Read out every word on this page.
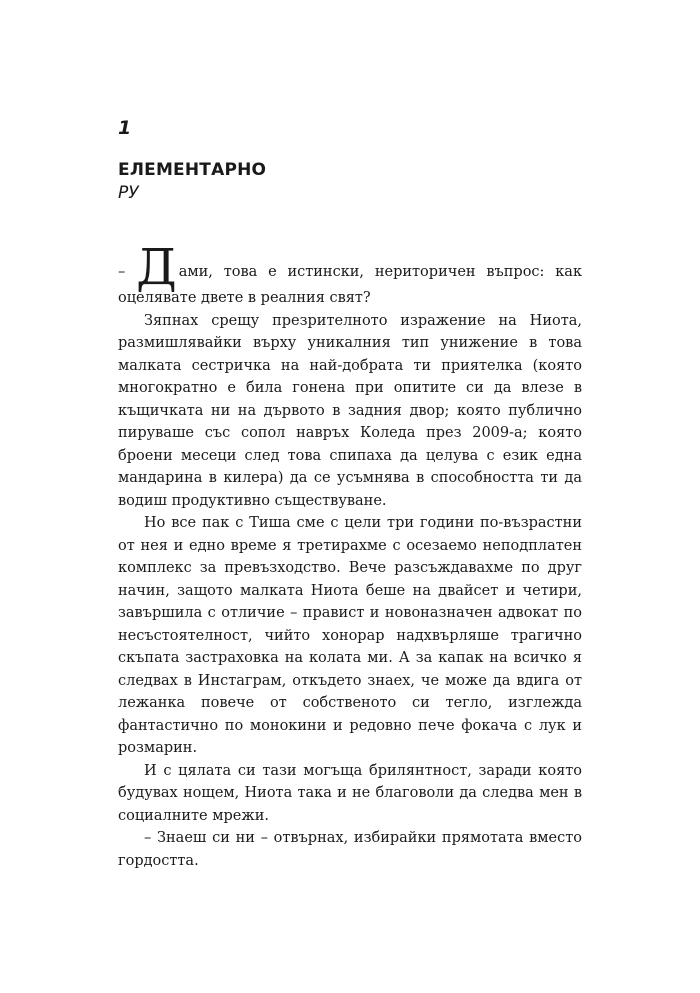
1
ЕЛЕМЕНТАРНО
РУ

– Д ами, това е истински, нериторичен въпрос: как оцелявате двете в реалния свят?

Зяпнах срещу презрителното изражение на Ниота, размишлявайки върху уникалния тип унижение в това малката сестричка на най-добрата ти приятелка (която многократно е била гонена при опитите си да влезе в къщичката ни на дървото в задния двор; която публично пируваше със сопол навръх Коледа през 2009-а; която броени месеци след това спипаха да целува с език една мандарина в килера) да се усъмнява в способността ти да водиш продуктивно съществуване.

Но все пак с Тиша сме с цели три години по-възрастни от нея и едно време я третирахме с осезаемо неподплатен комплекс за превъзходство. Вече разсъждавахме по друг начин, защото малката Ниота беше на двайсет и четири, завършила с отличие – правист и новоназначен адвокат по несъстоятелност, чийто хонорар надхвърляше трагично скъпата застраховка на колата ми. А за капак на всичко я следвах в Инстаграм, откъдето знаех, че може да вдига от лежанка повече от собственото си тегло, изглежда фантастично по монокини и редовно пече фокача с лук и розмарин.

И с цялата си тази могъща брилянтност, заради която будувах нощем, Ниота така и не благоволи да следва мен в социалните мрежи.

– Знаеш си ни – отвърнах, избирайки прямотата вместо гордостта.
